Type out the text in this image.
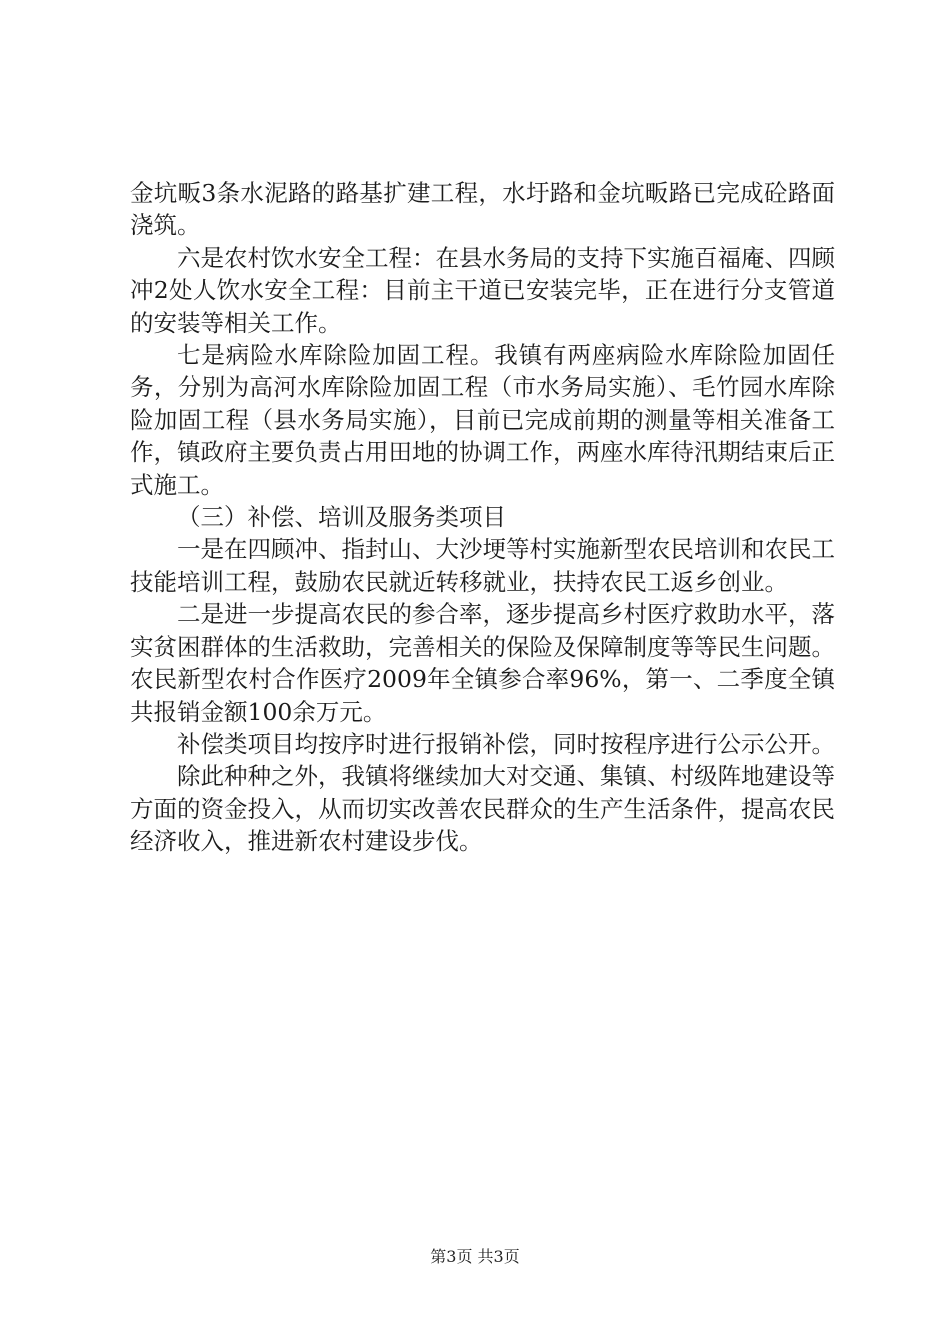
金坑畈3条水泥路的路基扩建工程，水圩路和金坑畈路已完成砼路面浇筑。

六是农村饮水安全工程：在县水务局的支持下实施百福庵、四顾冲2处人饮水安全工程：目前主干道已安装完毕，正在进行分支管道的安装等相关工作。

七是病险水库除险加固工程。我镇有两座病险水库除险加固任务，分别为高河水库除险加固工程（市水务局实施）、毛竹园水库除险加固工程（县水务局实施），目前已完成前期的测量等相关准备工作，镇政府主要负责占用田地的协调工作，两座水库待汛期结束后正式施工。

（三）补偿、培训及服务类项目

一是在四顾冲、指封山、大沙埂等村实施新型农民培训和农民工技能培训工程，鼓励农民就近转移就业，扶持农民工返乡创业。

二是进一步提高农民的参合率，逐步提高乡村医疗救助水平，落实贫困群体的生活救助，完善相关的保险及保障制度等等民生问题。农民新型农村合作医疗2009年全镇参合率96%，第一、二季度全镇共报销金额100余万元。

补偿类项目均按序时进行报销补偿，同时按程序进行公示公开。

除此种种之外，我镇将继续加大对交通、集镇、村级阵地建设等方面的资金投入，从而切实改善农民群众的生产生活条件，提高农民经济收入，推进新农村建设步伐。

第3页 共3页
